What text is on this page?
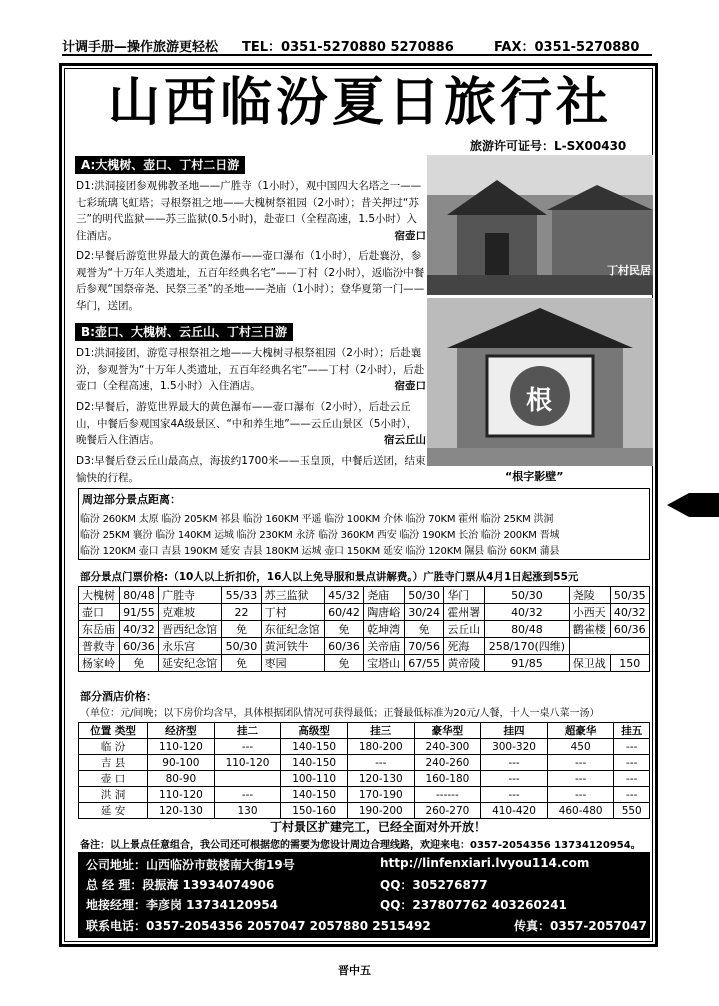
计调手册—操作旅游更轻松 TEL：0351-5270880 5270886	FAX：0351-5270880
山西临汾夏日旅行社
旅游许可证号：L-SX00430
A:大槐树、壶口、丁村二日游
D1:洪洞接团参观佛教圣地——广胜寺（1小时），观中国四大名塔之一——七彩琉璃飞虹塔；寻根祭祖之地——大槐树祭祖园（2小时）；昔关押过“苏三”的明代监狱——苏三监狱(0.5小时)，赴壶口（全程高速，1.5小时）入住酒店。	宿壶口
D2:早餐后游览世界最大的黄色瀑布——壶口瀑布（1小时），后赴襄汾，参观誉为“十万年人类遗址，五百年经典名宅”——丁村（2小时），返临汾中餐后参观“国祭帝尧、民祭三圣”的圣地——尧庙（1小时）；登华夏第一门——华门，送团。
B:壶口、大槐树、云丘山、丁村三日游
D1:洪洞接团，游览寻根祭祖之地——大槐树寻根祭祖园（2小时）；后赴襄汾，参观誉为“十万年人类遗址，五百年经典名宅”——丁村（2小时），后赴壶口（全程高速，1.5小时）入住酒店。	宿壶口
D2:早餐后，游览世界最大的黄色瀑布——壶口瀑布（2小时），后赴云丘山，中餐后参观国家4A级景区、“中和养生地”——云丘山景区（5小时），晚餐后入住酒店。	宿云丘山
D3:早餐后登云丘山最高点，海拔约1700米——玉皇顶，中餐后送团，结束愉快的行程。
丁村民居
根
“根字影壁”
周边部分景点距离：
临汾 260KM 太原 临汾 205KM 祁县 临汾 160KM 平遥 临汾 100KM 介休 临汾 70KM 霍州 临汾 25KM 洪洞
临汾 25KM 襄汾 临汾 140KM 运城 临汾 230KM 永济 临汾 360KM 西安 临汾 190KM 长治 临汾 200KM 晋城
临汾 120KM 壶口 吉县 190KM 延安 吉县 180KM 运城 壶口 150KM 延安 临汾 120KM 隰县 临汾 60KM 蒲县
部分景点门票价格:（10人以上折扣价，16人以上免导服和景点讲解费。）广胜寺门票从4月1日起涨到55元
大槐树	80/48	广胜寺	55/33	苏三监狱	45/32	尧庙	50/30	华门	50/30	尧陵	50/35
壶口	91/55	克难坡	22	丁村	60/42	陶唐峪	30/24	霍州署	40/32	小西天	40/32
东岳庙	40/32	晋西纪念馆	免	东征纪念馆	免	乾坤湾	免	云丘山	80/48	鹳雀楼	60/36
普救寺	60/36	永乐宫	50/30	黄河铁牛	60/36	关帝庙	70/56	死海	258/170(四维)		
杨家岭	免	延安纪念馆	免	枣园	免	宝塔山	67/55	黄帝陵	91/85	保卫战	150
部分酒店价格：
（单位：元/间晚；以下房价均含早，具体根据团队情况可获得最低；正餐最低标准为20元/人餐，十人一桌八菜一汤）
位置 类型	经济型	挂二	高级型	挂三	豪华型	挂四	超豪华	挂五
临 汾	110-120	---	140-150	180-200	240-300	300-320	450	---
吉 县	90-100	110-120	140-150	---	240-260	---	---	---
壶 口	80-90		100-110	120-130	160-180	---	---	---
洪 洞	110-120	---	140-150	170-190	------	---	---	---
延 安	120-130	130	150-160	190-200	260-270	410-420	460-480	550
丁村景区扩建完工，已经全面对外开放！
备注：以上景点任意组合，我公司还可根据您的需要为您设计周边合理线路，欢迎来电：0357-2054356 13734120954。
公司地址：山西临汾市鼓楼南大街19号	http://linfenxiari.lvyou114.com
总 经 理：段振海 13934074906	QQ：305276877
地接经理：李彦岗 13734120954	QQ：237807762 403260241
联系电话：0357-2054356 2057047 2057880 2515492	传真：0357-2057047
晋中五
